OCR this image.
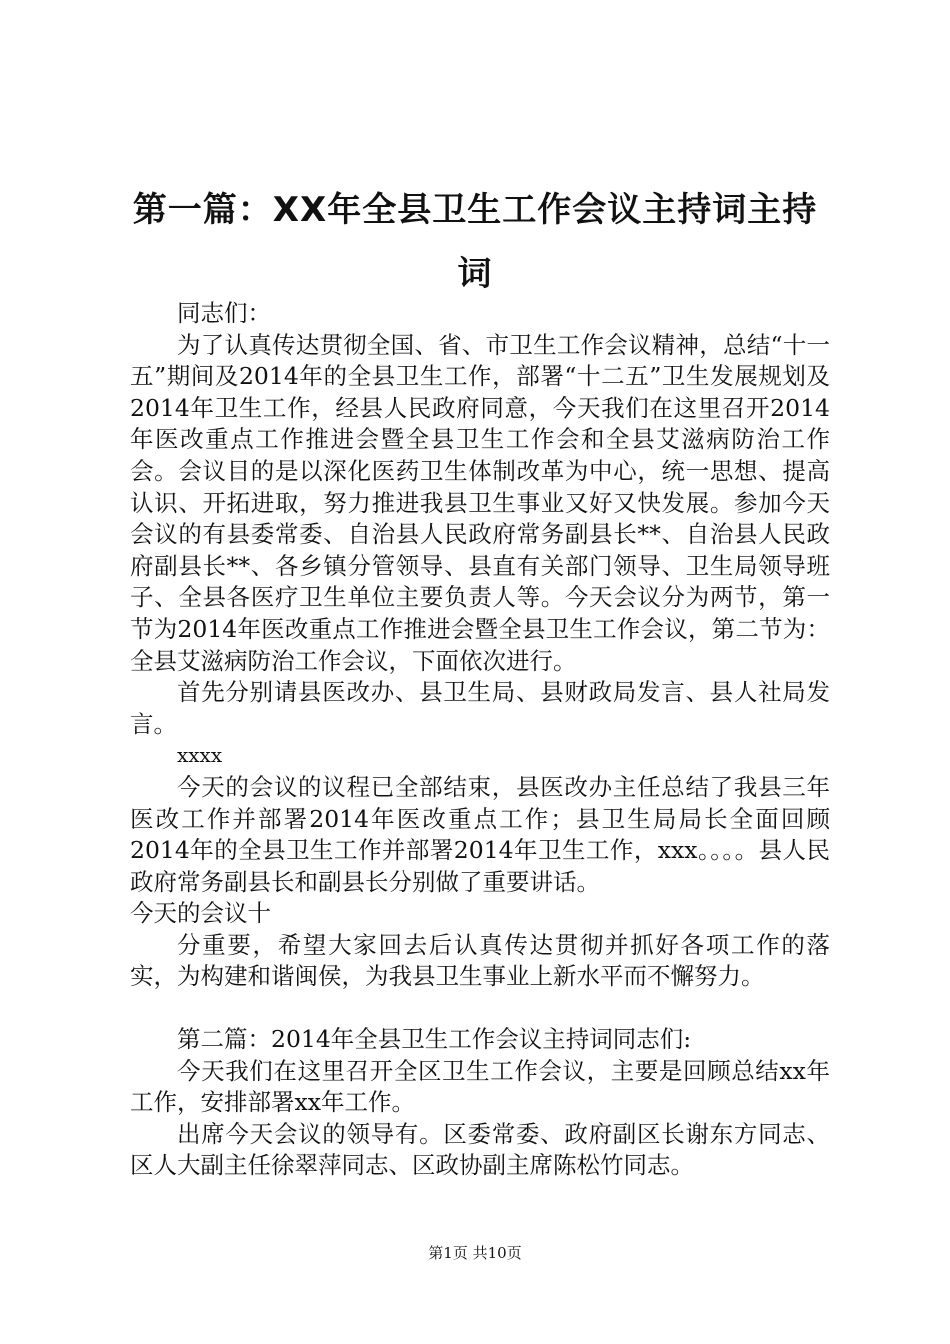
第一篇：XX年全县卫生工作会议主持词主持词

同志们：

为了认真传达贯彻全国、省、市卫生工作会议精神，总结“十一五”期间及2014年的全县卫生工作，部署“十二五”卫生发展规划及2014年卫生工作，经县人民政府同意，今天我们在这里召开2014年医改重点工作推进会暨全县卫生工作会和全县艾滋病防治工作会。会议目的是以深化医药卫生体制改革为中心，统一思想、提高认识、开拓进取，努力推进我县卫生事业又好又快发展。参加今天会议的有县委常委、自治县人民政府常务副县长**、自治县人民政府副县长**、各乡镇分管领导、县直有关部门领导、卫生局领导班子、全县各医疗卫生单位主要负责人等。今天会议分为两节，第一节为2014年医改重点工作推进会暨全县卫生工作会议，第二节为：全县艾滋病防治工作会议，下面依次进行。

首先分别请县医改办、县卫生局、县财政局发言、县人社局发言。

xxxx

今天的会议的议程已全部结束，县医改办主任总结了我县三年医改工作并部署2014年医改重点工作；县卫生局局长全面回顾2014年的全县卫生工作并部署2014年卫生工作，xxx。。。。县人民政府常务副县长和副县长分别做了重要讲话。

今天的会议十

分重要，希望大家回去后认真传达贯彻并抓好各项工作的落实，为构建和谐闽侯，为我县卫生事业上新水平而不懈努力。

第二篇：2014年全县卫生工作会议主持词同志们:

今天我们在这里召开全区卫生工作会议，主要是回顾总结xx年工作，安排部署xx年工作。

出席今天会议的领导有。区委常委、政府副区长谢东方同志、区人大副主任徐翠萍同志、区政协副主席陈松竹同志。

第1页 共10页
